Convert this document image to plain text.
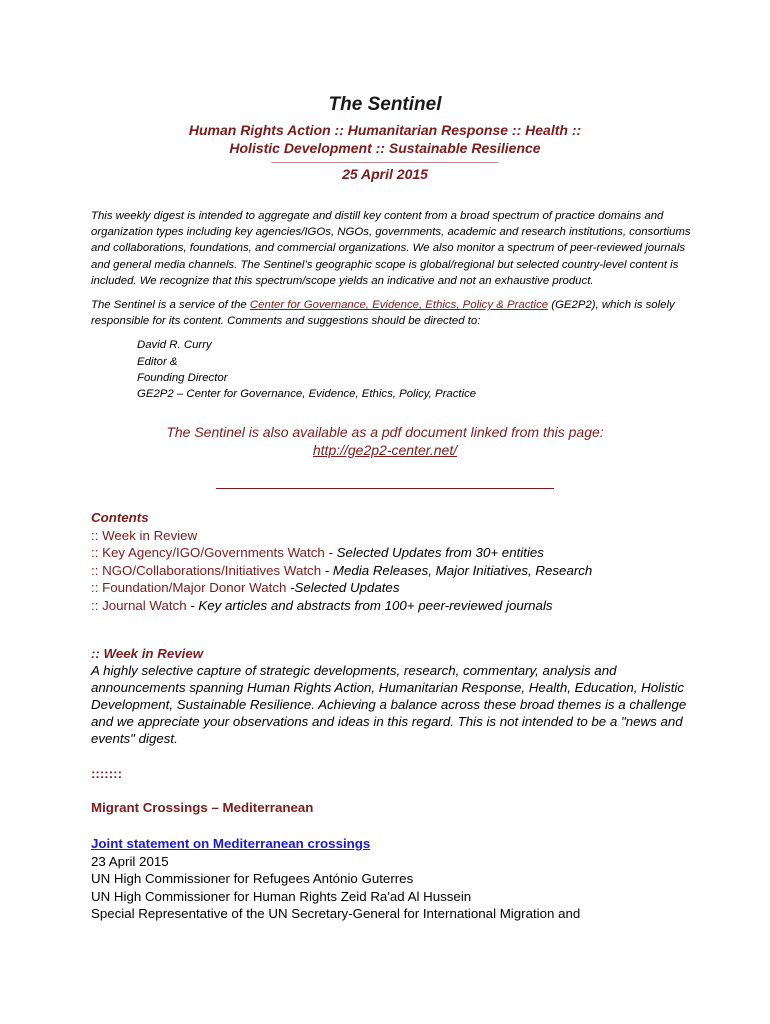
The Sentinel
Human Rights Action :: Humanitarian Response :: Health ::
Holistic Development :: Sustainable Resilience
___________________________________________________
25 April 2015

This weekly digest is intended to aggregate and distill key content from a broad spectrum of practice domains and organization types including key agencies/IGOs, NGOs, governments, academic and research institutions, consortiums and collaborations, foundations, and commercial organizations. We also monitor a spectrum of peer-reviewed journals and general media channels. The Sentinel’s geographic scope is global/regional but selected country-level content is included. We recognize that this spectrum/scope yields an indicative and not an exhaustive product.

The Sentinel is a service of the Center for Governance, Evidence, Ethics, Policy & Practice (GE2P2), which is solely responsible for its content. Comments and suggestions should be directed to:

David R. Curry
Editor &
Founding Director
GE2P2 – Center for Governance, Evidence, Ethics, Policy, Practice
The Sentinel is also available as a pdf document linked from this page:
http://ge2p2-center.net/
Contents
:: Week in Review
:: Key Agency/IGO/Governments Watch - Selected Updates from 30+ entities
:: NGO/Collaborations/Initiatives Watch - Media Releases, Major Initiatives, Research
:: Foundation/Major Donor Watch -Selected Updates
:: Journal Watch - Key articles and abstracts from 100+ peer-reviewed journals
:: Week in Review
A highly selective capture of strategic developments, research, commentary, analysis and announcements spanning Human Rights Action, Humanitarian Response, Health, Education, Holistic Development, Sustainable Resilience. Achieving a balance across these broad themes is a challenge and we appreciate your observations and ideas in this regard. This is not intended to be a "news and events" digest.
:::::::
Migrant Crossings – Mediterranean
Joint statement on Mediterranean crossings
23 April 2015
UN High Commissioner for Refugees António Guterres
UN High Commissioner for Human Rights Zeid Ra'ad Al Hussein
Special Representative of the UN Secretary-General for International Migration and
